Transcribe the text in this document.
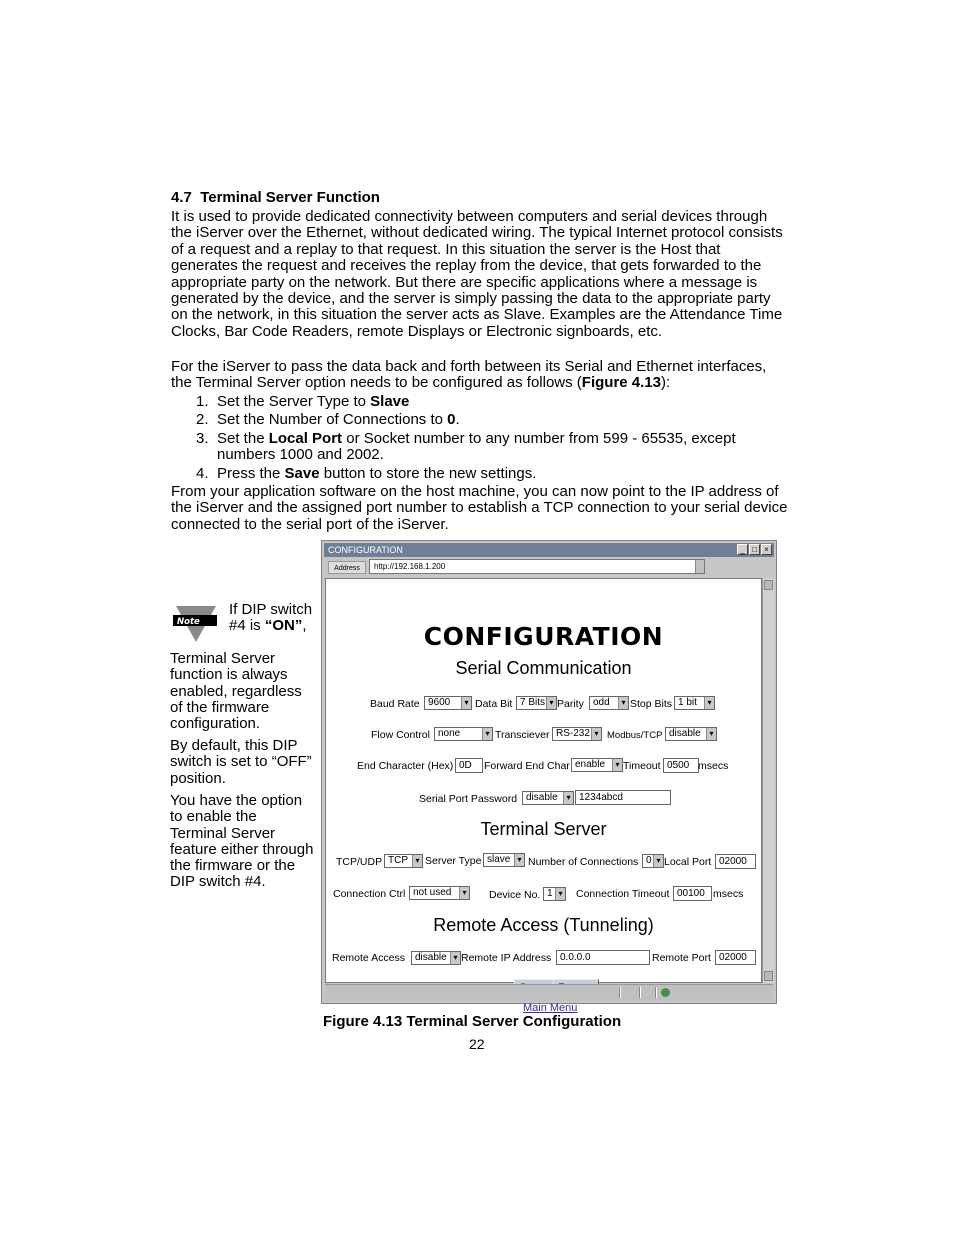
4.7 Terminal Server Function
It is used to provide dedicated connectivity between computers and serial devices through the iServer over the Ethernet, without dedicated wiring. The typical Internet protocol consists of a request and a replay to that request. In this situation the server is the Host that generates the request and receives the replay from the device, that gets forwarded to the appropriate party on the network. But there are specific applications where a message is generated by the device, and the server is simply passing the data to the appropriate party on the network, in this situation the server acts as Slave. Examples are the Attendance Time Clocks, Bar Code Readers, remote Displays or Electronic signboards, etc.
For the iServer to pass the data back and forth between its Serial and Ethernet interfaces, the Terminal Server option needs to be configured as follows (Figure 4.13):
1. Set the Server Type to Slave
2. Set the Number of Connections to 0.
3. Set the Local Port or Socket number to any number from 599 - 65535, except numbers 1000 and 2002.
4. Press the Save button to store the new settings.
From your application software on the host machine, you can now point to the IP address of the iServer and the assigned port number to establish a TCP connection to your serial device connected to the serial port of the iServer.
Note
If DIP switch #4 is “ON”,
Terminal Server function is always enabled, regardless of the firmware configuration.
By default, this DIP switch is set to “OFF” position.
You have the option to enable the Terminal Server feature either through the firmware or the DIP switch #4.
CONFIGURATION	_ □ ×
Address	http://192.168.1.200
CONFIGURATION
Serial Communication
Baud Rate 9600 ▾	Data Bit 7 Bits ▾	Parity odd ▾	Stop Bits 1 bit ▾
Flow Control none ▾	Transciever RS-232 ▾	Modbus/TCP disable ▾
End Character (Hex) 0D	Forward End Char enable ▾	Timeout 0500 msecs
Serial Port Password disable ▾	1234abcd
Terminal Server
TCP/UDP TCP ▾	Server Type slave ▾	Number of Connections 0 ▾	Local Port 02000
Connection Ctrl not used ▾	Device No. 1 ▾	Connection Timeout 00100 msecs
Remote Access (Tunneling)
Remote Access	disable ▾	Remote IP Address 0.0.0.0	Remote Port 02000
Main Menu
Figure 4.13 Terminal Server Configuration
22
